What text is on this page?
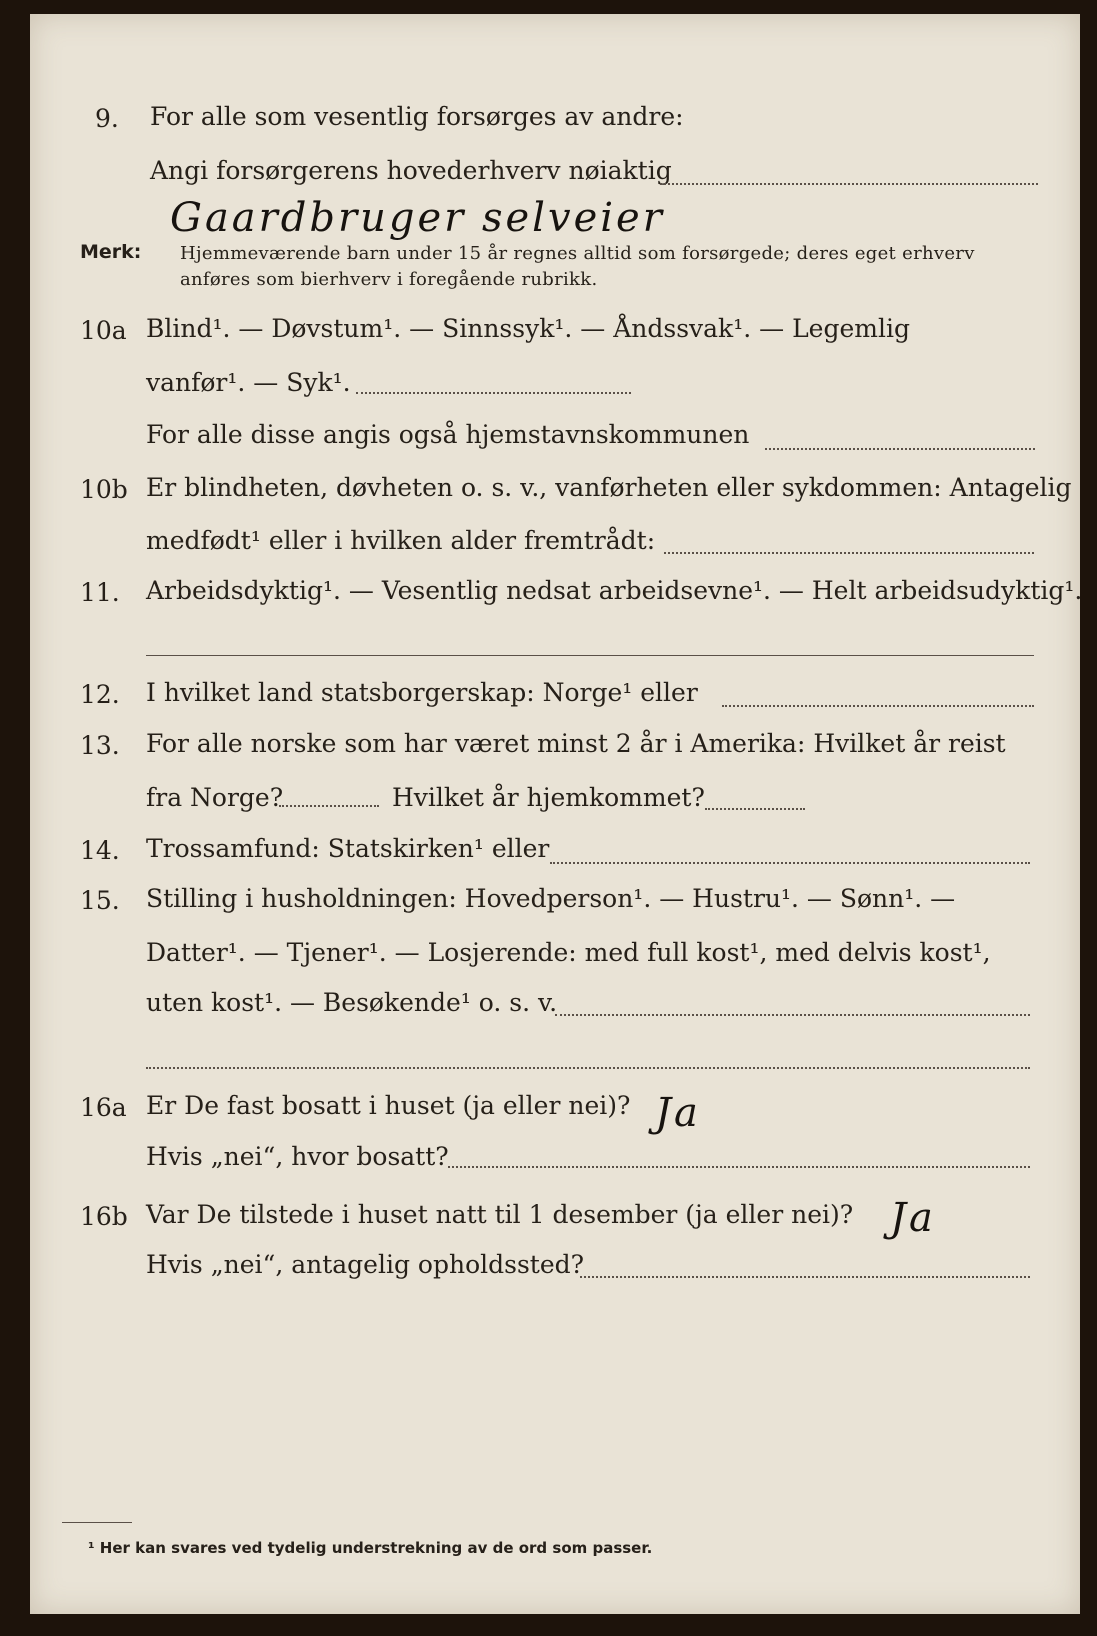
9. For alle som vesentlig forsørges av andre:
Angi forsørgerens hovederhverv nøiaktig
Gaardbruger selveier
Merk: Hjemmeværende barn under 15 år regnes alltid som forsørgede; deres eget erhverv
anføres som bierhverv i foregående rubrikk.
10a Blind¹. — Døvstum¹. — Sinnssyk¹. — Åndssvak¹. — Legemlig
vanfør¹. — Syk¹.
For alle disse angis også hjemstavnskommunen
10b Er blindheten, døvheten o. s. v., vanførheten eller sykdommen: Antagelig
medfødt¹ eller i hvilken alder fremtrådt:
11. Arbeidsdyktig¹. — Vesentlig nedsat arbeidsevne¹. — Helt arbeidsudyktig¹.
12. I hvilket land statsborgerskap: Norge¹ eller
13. For alle norske som har været minst 2 år i Amerika: Hvilket år reist
fra Norge?	Hvilket år hjemkommet?
14. Trossamfund: Statskirken¹ eller
15. Stilling i husholdningen: Hovedperson¹. — Hustru¹. — Sønn¹. —
Datter¹. — Tjener¹. — Losjerende: med full kost¹, med delvis kost¹,
uten kost¹. — Besøkende¹ o. s. v.
16a Er De fast bosatt i huset (ja eller nei)? Ja
Hvis „nei“, hvor bosatt?
16b Var De tilstede i huset natt til 1 desember (ja eller nei)? Ja
Hvis „nei“, antagelig opholdssted?
¹ Her kan svares ved tydelig understrekning av de ord som passer.
